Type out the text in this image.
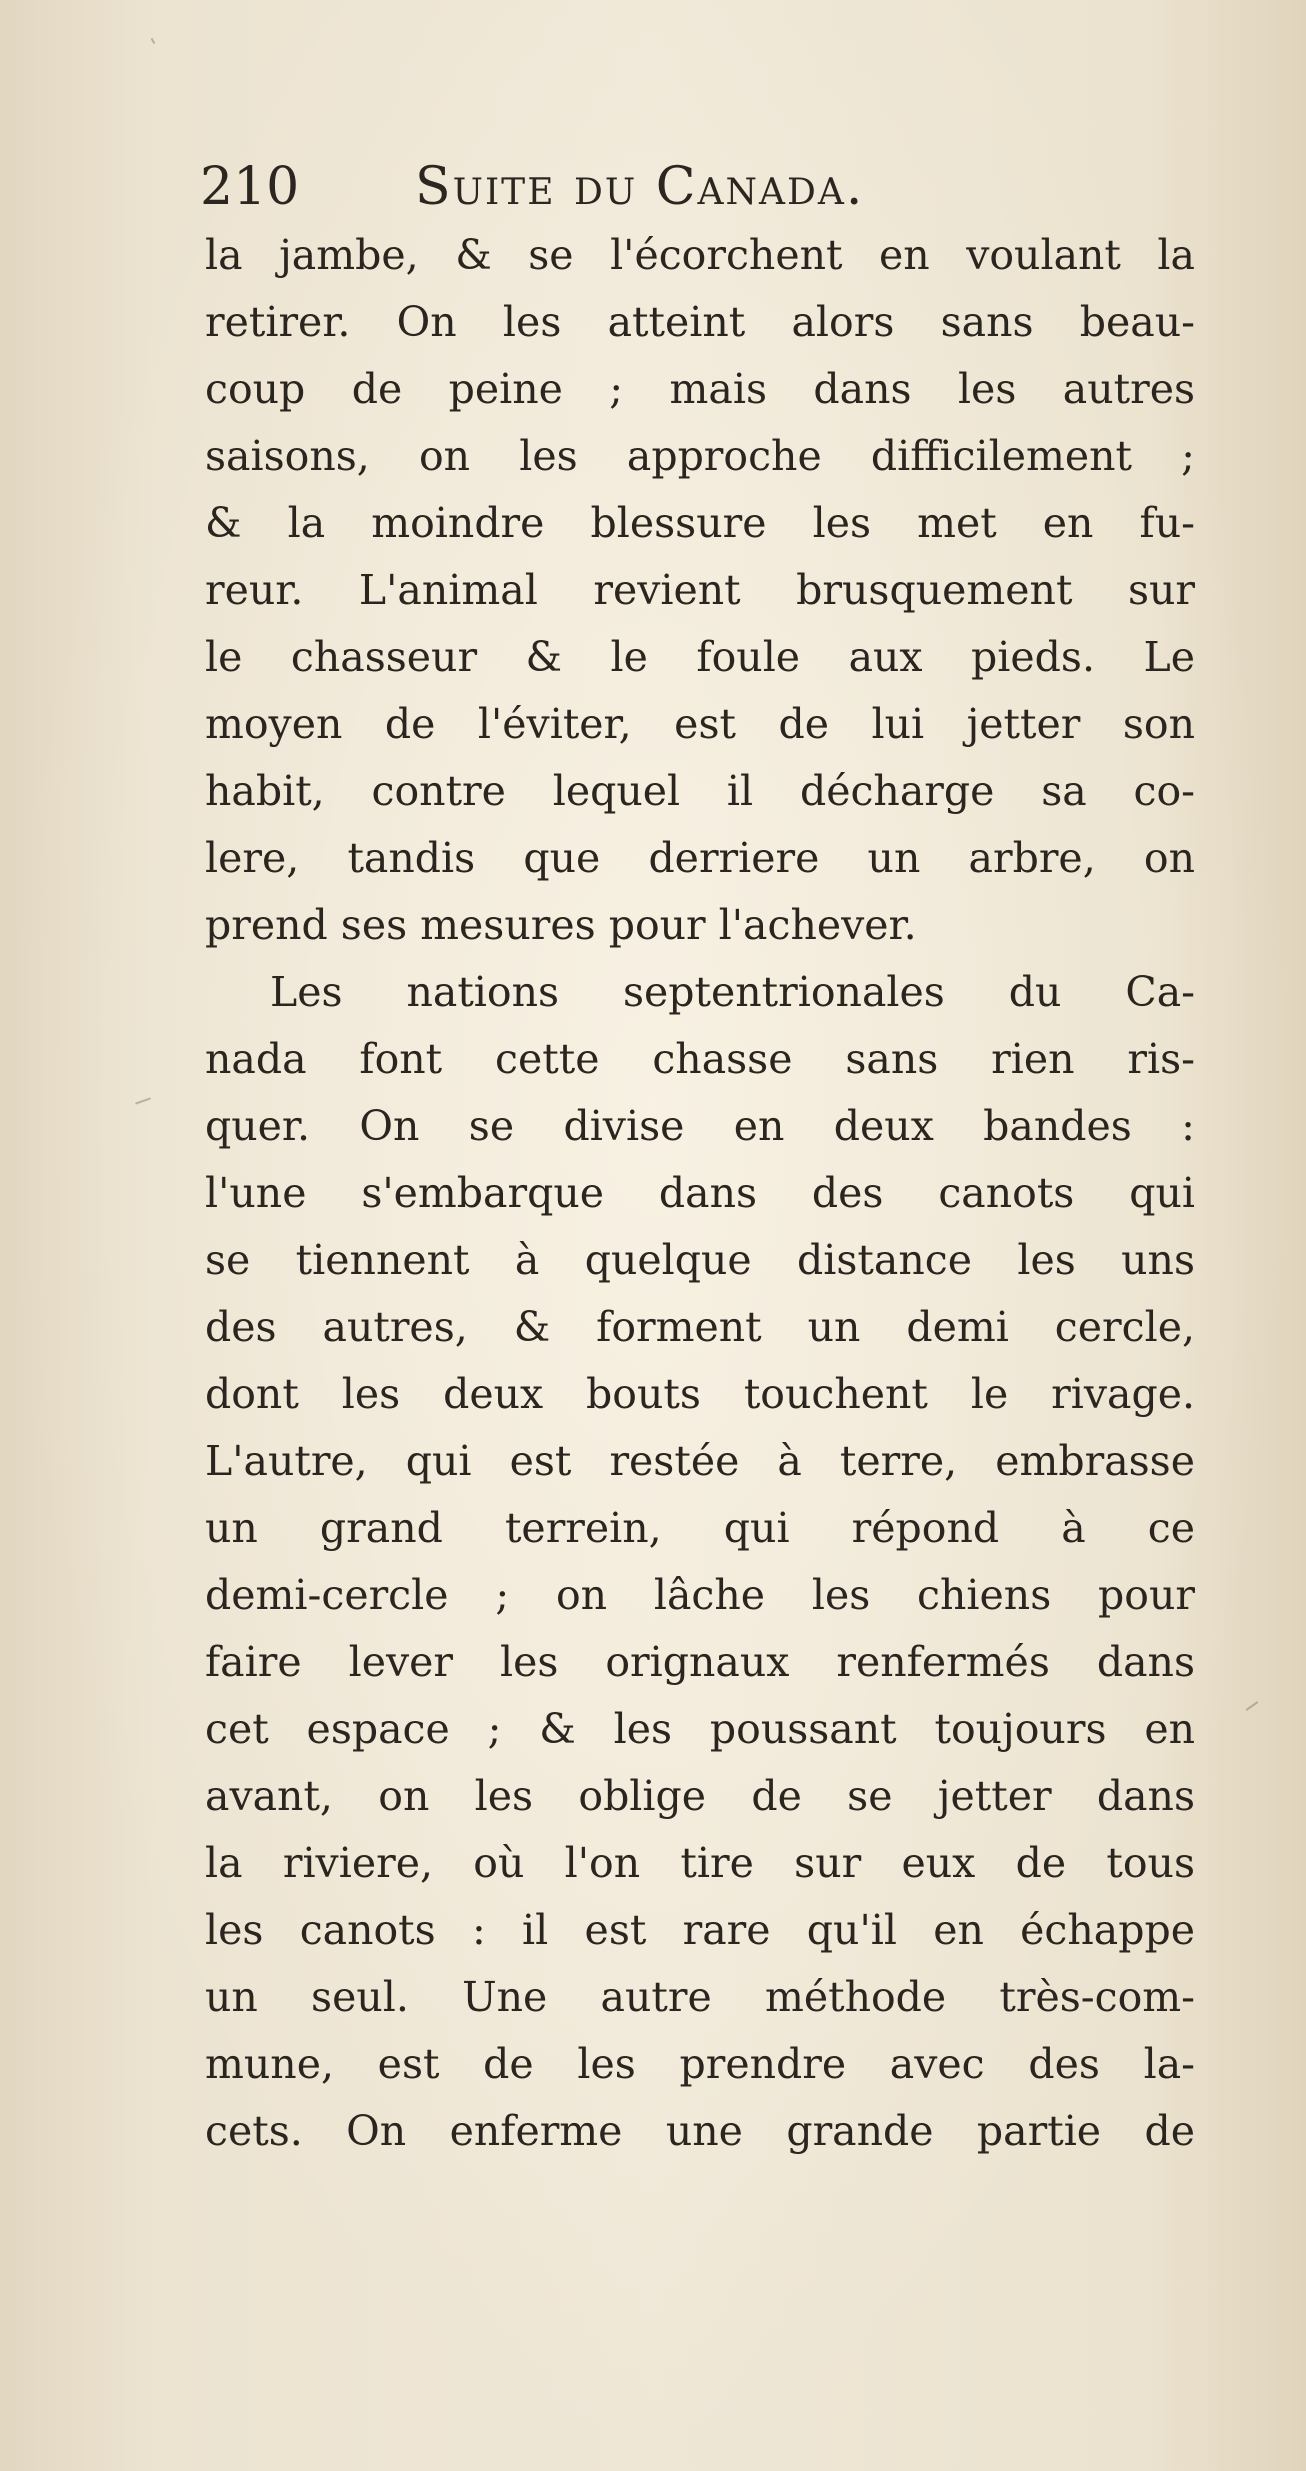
210 Suite du Canada.
la jambe, & se l'écorchent en voulant la
retirer. On les atteint alors sans beau-
coup de peine ; mais dans les autres
saisons, on les approche difficilement ;
& la moindre blessure les met en fu-
reur. L'animal revient brusquement sur
le chasseur & le foule aux pieds. Le
moyen de l'éviter, est de lui jetter son
habit, contre lequel il décharge sa co-
lere, tandis que derriere un arbre, on
prend ses mesures pour l'achever.
Les nations septentrionales du Ca-
nada font cette chasse sans rien ris-
quer. On se divise en deux bandes :
l'une s'embarque dans des canots qui
se tiennent à quelque distance les uns
des autres, & forment un demi cercle,
dont les deux bouts touchent le rivage.
L'autre, qui est restée à terre, embrasse
un grand terrein, qui répond à ce
demi-cercle ; on lâche les chiens pour
faire lever les orignaux renfermés dans
cet espace ; & les poussant toujours en
avant, on les oblige de se jetter dans
la riviere, où l'on tire sur eux de tous
les canots : il est rare qu'il en échappe
un seul. Une autre méthode très-com-
mune, est de les prendre avec des la-
cets. On enferme une grande partie de
